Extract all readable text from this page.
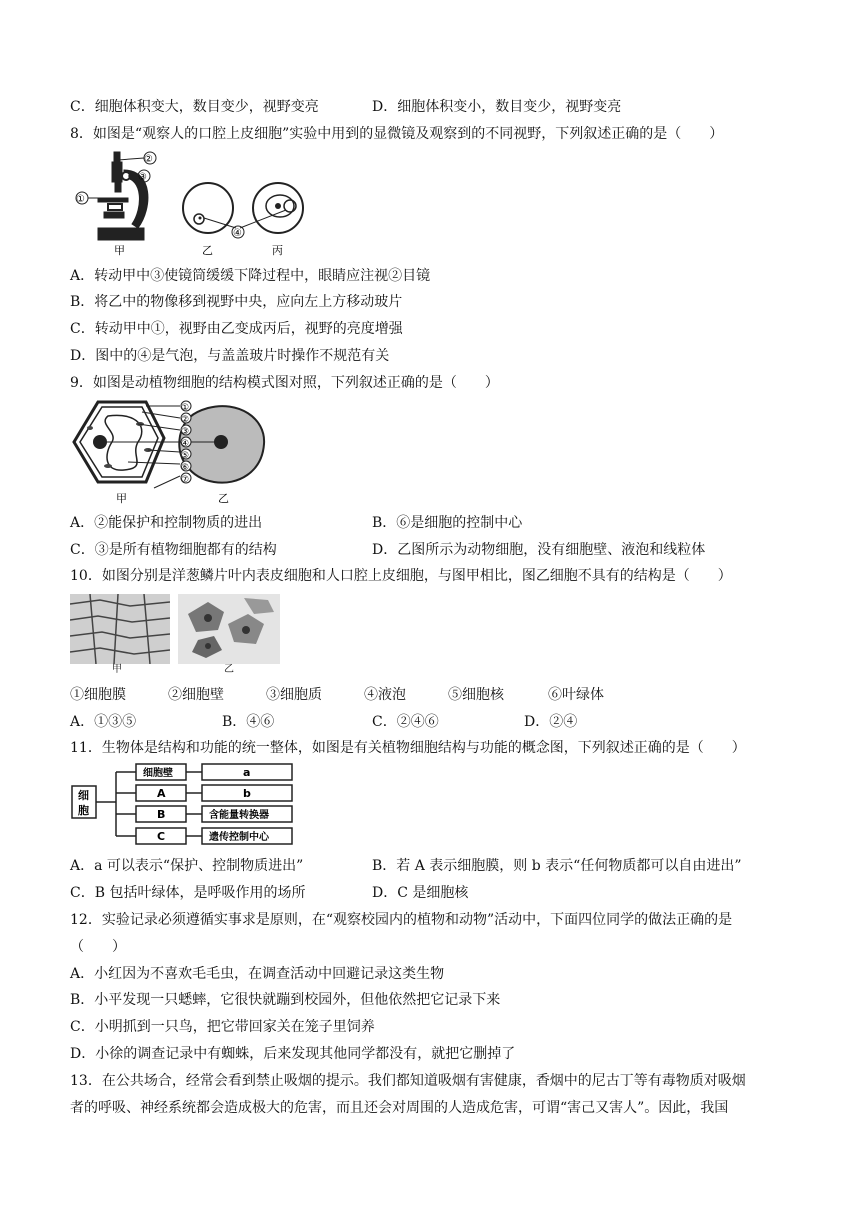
C．细胞体积变大，数目变少，视野变亮	D．细胞体积变小，数目变少，视野变亮
8．如图是“观察人的口腔上皮细胞”实验中用到的显微镜及观察到的不同视野，下列叙述正确的是（　　）
②
③
①
甲
④
乙	丙
A．转动甲中③使镜筒缓缓下降过程中，眼睛应注视②目镜
B．将乙中的物像移到视野中央，应向左上方移动玻片
C．转动甲中①，视野由乙变成丙后，视野的亮度增强
D．图中的④是气泡，与盖盖玻片时操作不规范有关
9．如图是动植物细胞的结构模式图对照，下列叙述正确的是（　　）
甲	乙
①
②
③
④
⑤
⑥
⑦
A．②能保护和控制物质的进出	B．⑥是细胞的控制中心
C．③是所有植物细胞都有的结构	D．乙图所示为动物细胞，没有细胞壁、液泡和线粒体
10．如图分别是洋葱鳞片叶内表皮细胞和人口腔上皮细胞，与图甲相比，图乙细胞不具有的结构是（　　）
甲	乙
①细胞膜	②细胞壁	③细胞质	④液泡	⑤细胞核	⑥叶绿体
A．①③⑤	B．④⑥	C．②④⑥	D．②④
11．生物体是结构和功能的统一整体，如图是有关植物细胞结构与功能的概念图，下列叙述正确的是（　　）
细
胞
细胞壁
A
B
C
a
b
含能量转换器
遗传控制中心
A．a 可以表示“保护、控制物质进出”	B．若 A 表示细胞膜，则 b 表示“任何物质都可以自由进出”
C．B 包括叶绿体，是呼吸作用的场所	D．C 是细胞核
12．实验记录必须遵循实事求是原则，在“观察校园内的植物和动物”活动中，下面四位同学的做法正确的是
（　　）
A．小红因为不喜欢毛毛虫，在调查活动中回避记录这类生物
B．小平发现一只蟋蟀，它很快就蹦到校园外，但他依然把它记录下来
C．小明抓到一只鸟，把它带回家关在笼子里饲养
D．小徐的调查记录中有蜘蛛，后来发现其他同学都没有，就把它删掉了
13．在公共场合，经常会看到禁止吸烟的提示。我们都知道吸烟有害健康，香烟中的尼古丁等有毒物质对吸烟
者的呼吸、神经系统都会造成极大的危害，而且还会对周围的人造成危害，可谓“害己又害人”。因此，我国
